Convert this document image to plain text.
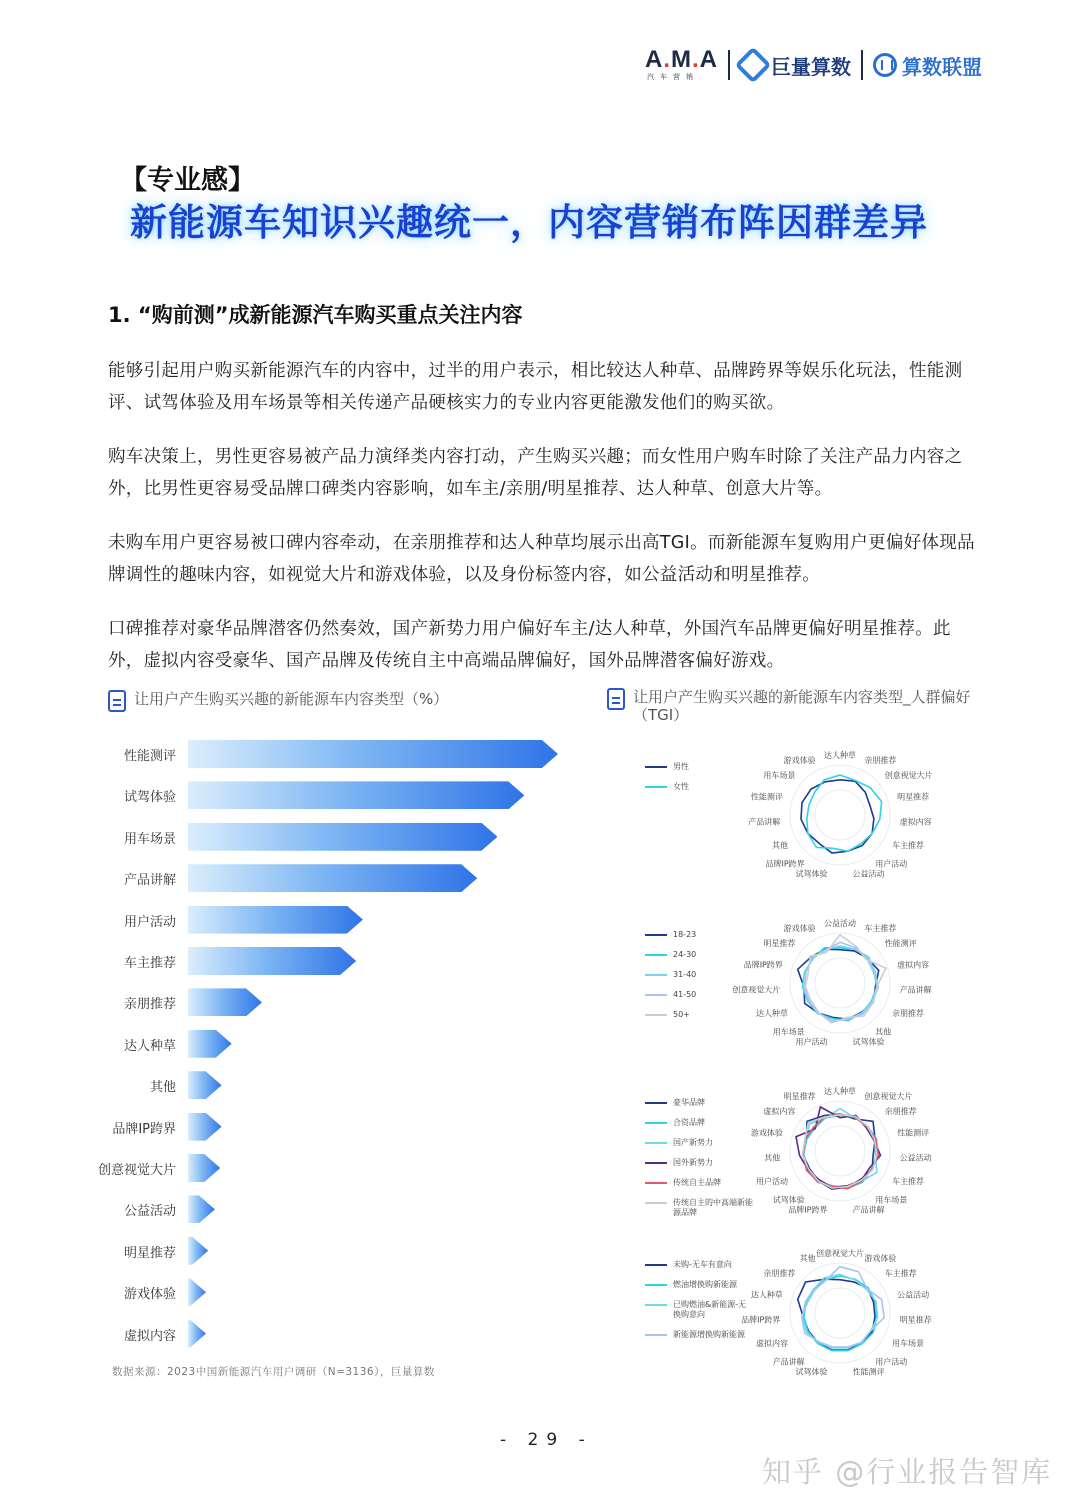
A.M.A
汽车营销	巨量算数	算数联盟
【专业感】
新能源车知识兴趣统一，内容营销布阵因群差异
1. “购前测”成新能源汽车购买重点关注内容
能够引起用户购买新能源汽车的内容中，过半的用户表示，相比较达人种草、品牌跨界等娱乐化玩法，性能测评、试驾体验及用车场景等相关传递产品硬核实力的专业内容更能激发他们的购买欲。
购车决策上，男性更容易被产品力演绎类内容打动，产生购买兴趣；而女性用户购车时除了关注产品力内容之外，比男性更容易受品牌口碑类内容影响，如车主/亲朋/明星推荐、达人种草、创意大片等。
未购车用户更容易被口碑内容牵动，在亲朋推荐和达人种草均展示出高TGI。而新能源车复购用户更偏好体现品牌调性的趣味内容，如视觉大片和游戏体验，以及身份标签内容，如公益活动和明星推荐。
口碑推荐对豪华品牌潜客仍然奏效，国产新势力用户偏好车主/达人种草，外国汽车品牌更偏好明星推荐。此外，虚拟内容受豪华、国产品牌及传统自主中高端品牌偏好，国外品牌潜客偏好游戏。
让用户产生购买兴趣的新能源车内容类型（%）	让用户产生购买兴趣的新能源车内容类型_人群偏好（TGI）
性能测评
试驾体验
用车场景
产品讲解
用户活动
车主推荐
亲朋推荐
达人种草
其他
品牌IP跨界
创意视觉大片
公益活动
明星推荐
游戏体验
虚拟内容
数据来源：2023中国新能源汽车用户调研（N=3136），巨量算数
男性
女性
达人种草
亲朋推荐
创意视觉大片
明星推荐
虚拟内容
车主推荐
用户活动
公益活动
试驾体验
品牌IP跨界
其他
产品讲解
性能测评
用车场景
游戏体验
18-23
24-30
31-40
41-50
50+
公益活动
车主推荐
性能测评
虚拟内容
产品讲解
亲朋推荐
其他
试驾体验
用户活动
用车场景
达人种草
创意视觉大片
品牌IP跨界
明星推荐
游戏体验
豪华品牌
合资品牌
国产新势力
国外新势力
传统自主品牌
传统自主的中高端新能源品牌
达人种草
创意视觉大片
亲朋推荐
性能测评
公益活动
车主推荐
用车场景
产品讲解
品牌IP跨界
试驾体验
用户活动
其他
游戏体验
虚拟内容
明星推荐
未购-无车有意向
燃油增换购新能源
已购燃油&新能源-无换购意向
新能源增换购新能源
创意视觉大片
游戏体验
车主推荐
公益活动
明星推荐
用车场景
用户活动
性能测评
试驾体验
产品讲解
虚拟内容
品牌IP跨界
达人种草
亲朋推荐
其他
- 29 -
知乎 @行业报告智库
